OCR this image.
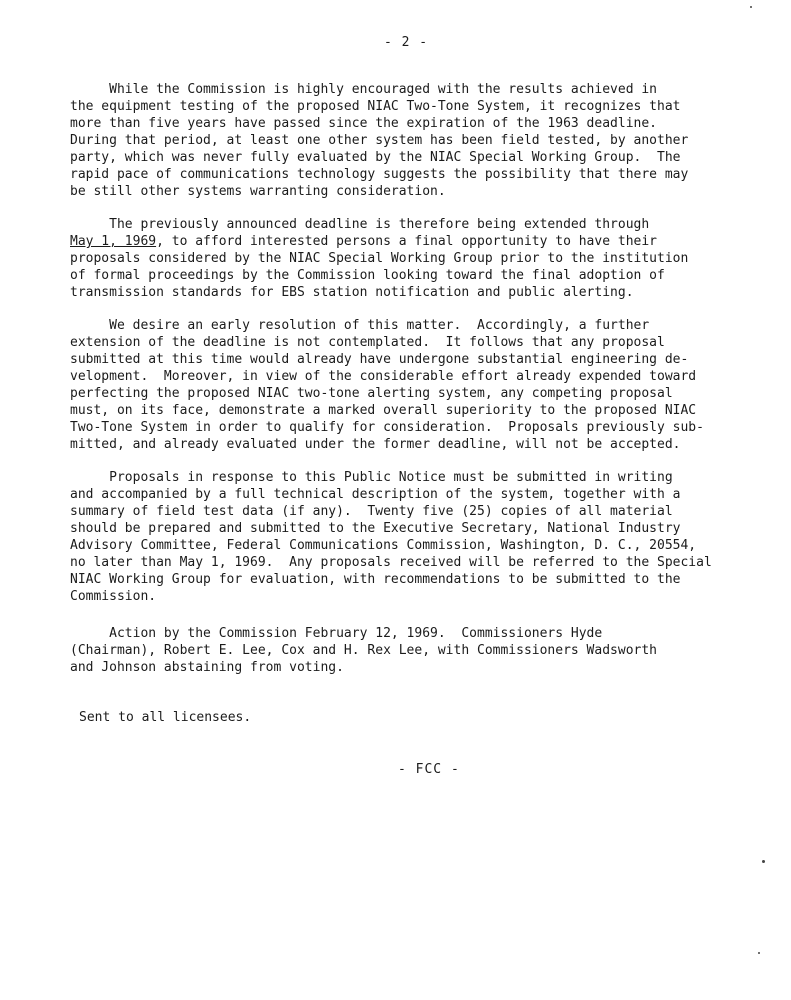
- 2 -
While the Commission is highly encouraged with the results achieved in
the equipment testing of the proposed NIAC Two-Tone System, it recognizes that
more than five years have passed since the expiration of the 1963 deadline.
During that period, at least one other system has been field tested, by another
party, which was never fully evaluated by the NIAC Special Working Group.  The
rapid pace of communications technology suggests the possibility that there may
be still other systems warranting consideration.
The previously announced deadline is therefore being extended through
May 1, 1969, to afford interested persons a final opportunity to have their
proposals considered by the NIAC Special Working Group prior to the institution
of formal proceedings by the Commission looking toward the final adoption of
transmission standards for EBS station notification and public alerting.
We desire an early resolution of this matter.  Accordingly, a further
extension of the deadline is not contemplated.  It follows that any proposal
submitted at this time would already have undergone substantial engineering de-
velopment.  Moreover, in view of the considerable effort already expended toward
perfecting the proposed NIAC two-tone alerting system, any competing proposal
must, on its face, demonstrate a marked overall superiority to the proposed NIAC
Two-Tone System in order to qualify for consideration.  Proposals previously sub-
mitted, and already evaluated under the former deadline, will not be accepted.
Proposals in response to this Public Notice must be submitted in writing
and accompanied by a full technical description of the system, together with a
summary of field test data (if any).  Twenty five (25) copies of all material
should be prepared and submitted to the Executive Secretary, National Industry
Advisory Committee, Federal Communications Commission, Washington, D. C., 20554,
no later than May 1, 1969.  Any proposals received will be referred to the Special
NIAC Working Group for evaluation, with recommendations to be submitted to the
Commission.
Action by the Commission February 12, 1969.  Commissioners Hyde
(Chairman), Robert E. Lee, Cox and H. Rex Lee, with Commissioners Wadsworth
and Johnson abstaining from voting.
Sent to all licensees.
- FCC -
